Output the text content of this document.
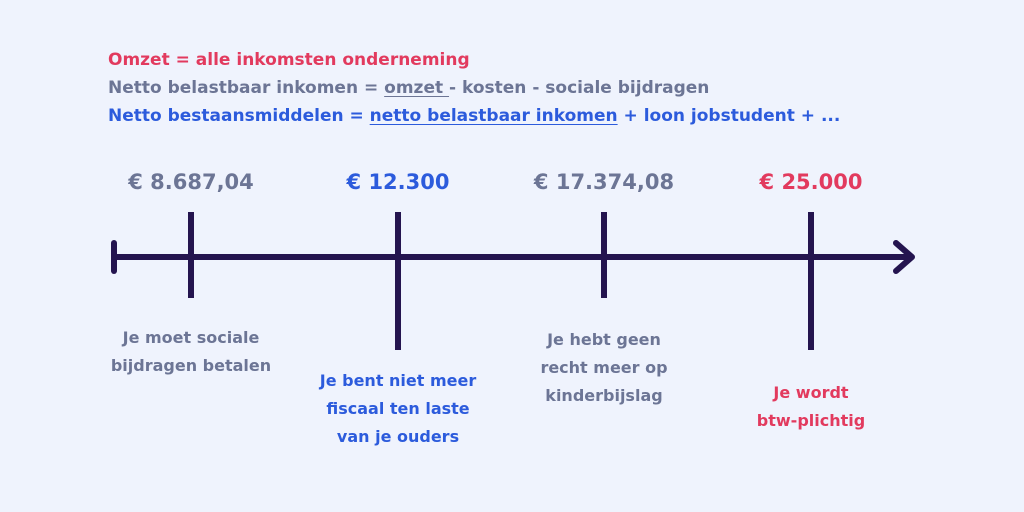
Omzet = alle inkomsten onderneming
Netto belastbaar inkomen = omzet - kosten - sociale bijdragen
Netto bestaansmiddelen = netto belastbaar inkomen + loon jobstudent + ...
€ 8.687,04
Je moet sociale
bijdragen betalen
€ 12.300
Je bent niet meer
fiscaal ten laste
van je ouders
€ 17.374,08
Je hebt geen
recht meer op
kinderbijslag
€ 25.000
Je wordt
btw-plichtig
